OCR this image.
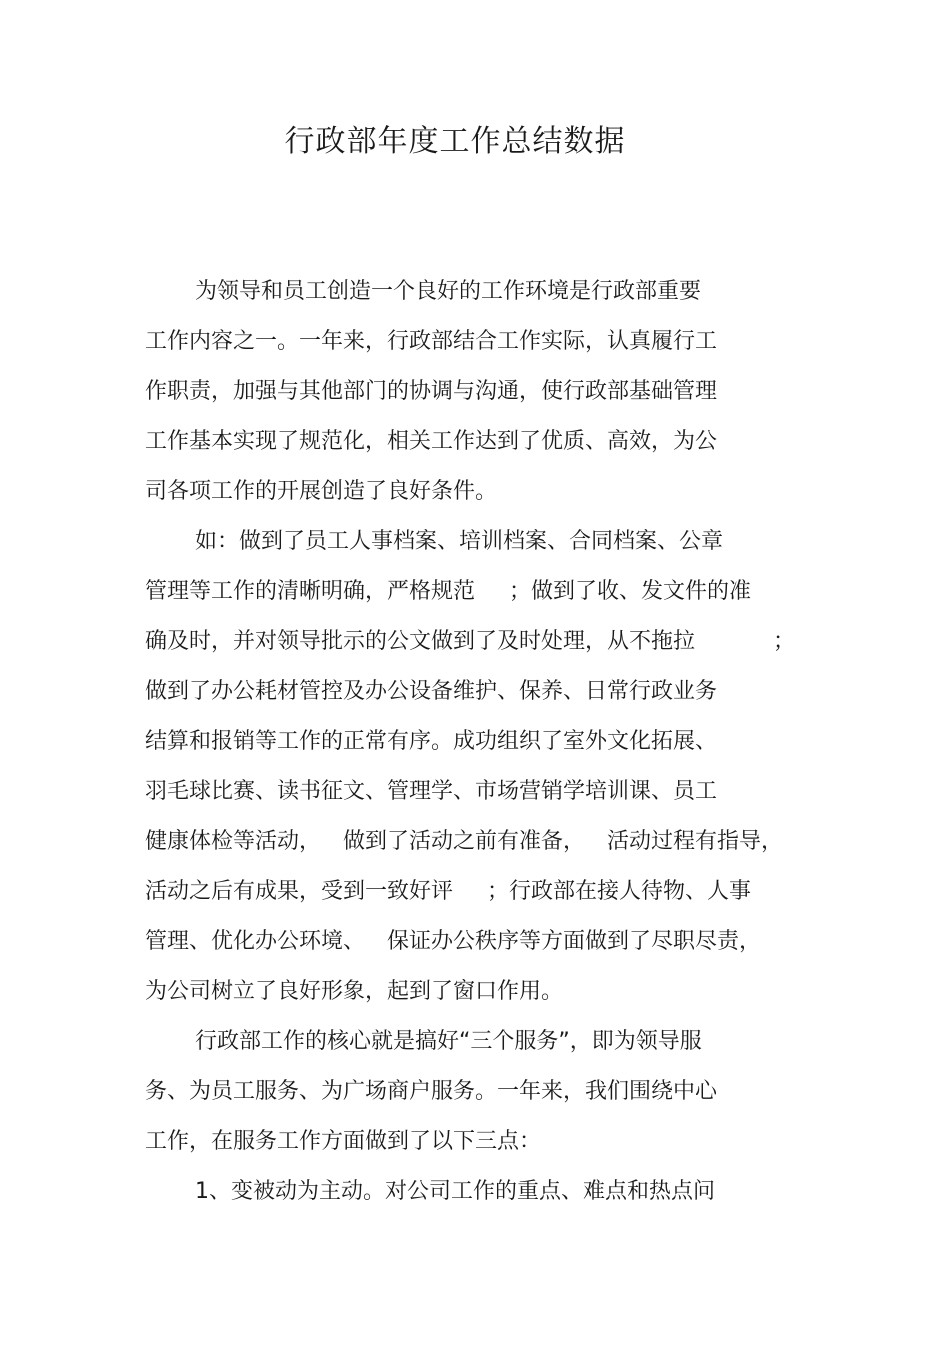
行政部年度工作总结数据
为领导和员工创造一个良好的工作环境是行政部重要
工作内容之一。一年来，行政部结合工作实际，认真履行工
作职责，加强与其他部门的协调与沟通，使行政部基础管理
工作基本实现了规范化，相关工作达到了优质、高效，为公
司各项工作的开展创造了良好条件。
如：做到了员工人事档案、培训档案、合同档案、公章
管理等工作的清晰明确，严格规范 ；做到了收、发文件的准
确及时，并对领导批示的公文做到了及时处理，从不拖拉	；
做到了办公耗材管控及办公设备维护、保养、日常行政业务
结算和报销等工作的正常有序。成功组织了室外文化拓展、
羽毛球比赛、读书征文、管理学、市场营销学培训课、员工
健康体检等活动， 做到了活动之前有准备， 活动过程有指导，
活动之后有成果，受到一致好评 ；行政部在接人待物、人事
管理、优化办公环境、 保证办公秩序等方面做到了尽职尽责，
为公司树立了良好形象，起到了窗口作用。
行政部工作的核心就是搞好“三个服务”，即为领导服
务、为员工服务、为广场商户服务。一年来，我们围绕中心
工作，在服务工作方面做到了以下三点：
1、变被动为主动。对公司工作的重点、难点和热点问
